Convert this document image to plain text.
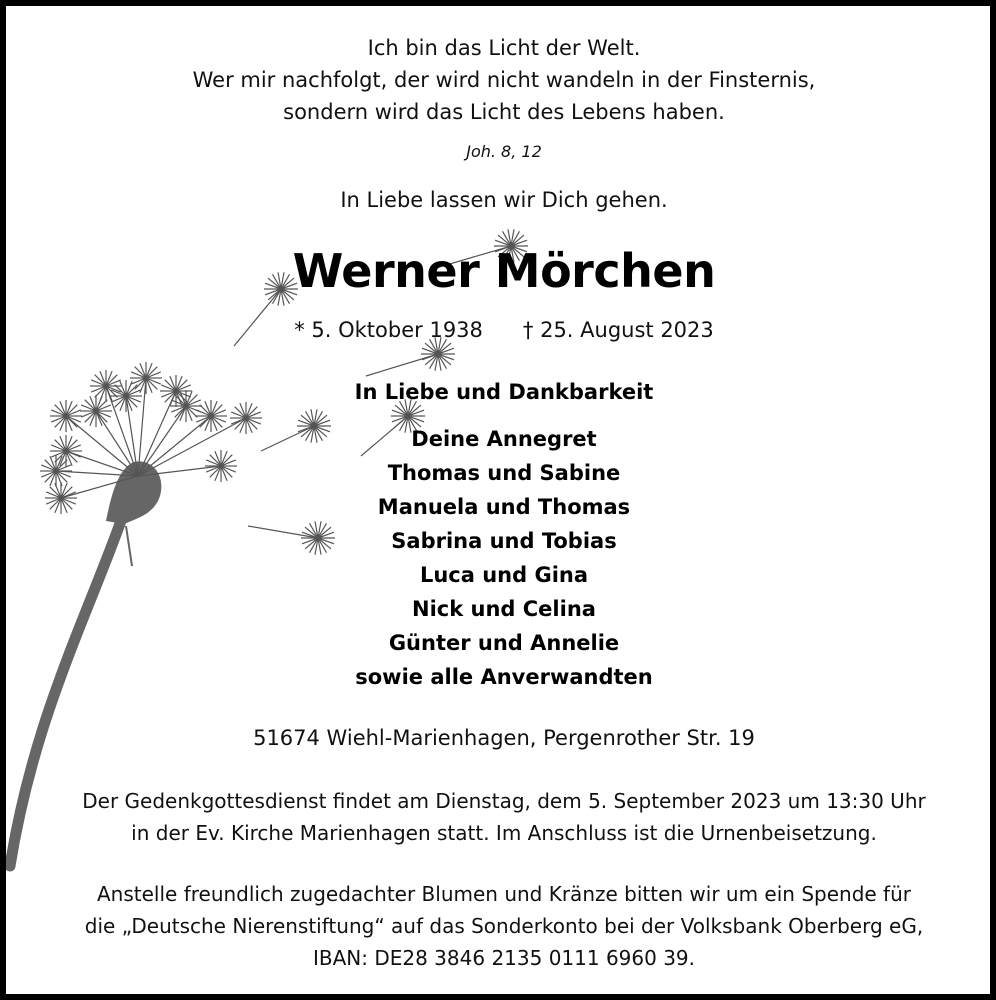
Ich bin das Licht der Welt.
Wer mir nachfolgt, der wird nicht wandeln in der Finsternis,
sondern wird das Licht des Lebens haben.
Joh. 8, 12
In Liebe lassen wir Dich gehen.
Werner Mörchen
* 5. Oktober 1938 † 25. August 2023
In Liebe und Dankbarkeit
Deine Annegret
Thomas und Sabine
Manuela und Thomas
Sabrina und Tobias
Luca und Gina
Nick und Celina
Günter und Annelie
sowie alle Anverwandten
51674 Wiehl-Marienhagen, Pergenrother Str. 19
Der Gedenkgottesdienst findet am Dienstag, dem 5. September 2023 um 13:30 Uhr
in der Ev. Kirche Marienhagen statt. Im Anschluss ist die Urnenbeisetzung.
Anstelle freundlich zugedachter Blumen und Kränze bitten wir um ein Spende für
die „Deutsche Nierenstiftung“ auf das Sonderkonto bei der Volksbank Oberberg eG,
IBAN: DE28 3846 2135 0111 6960 39.
